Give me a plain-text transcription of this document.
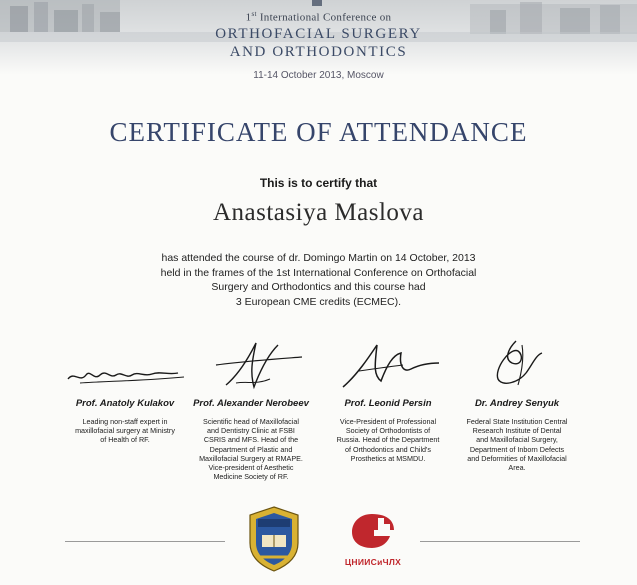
1st International Conference on
ORTHOFACIAL SURGERY
AND ORTHODONTICS
11-14 October 2013, Moscow
CERTIFICATE OF ATTENDANCE
This is to certify that
Anastasiya Maslova
has attended the course of dr. Domingo Martin on 14 October, 2013
held in the frames of the 1st International Conference on Orthofacial
Surgery and Orthodontics and this course had
3 European CME credits (ECMEC).
Prof. Anatoly Kulakov
Leading non-staff expert in
maxillofacial surgery at Ministry
of Health of RF.
Prof. Alexander Nerobeev
Scientific head of Maxillofacial
and Dentistry Clinic at FSBI
CSRIS and MFS. Head of the
Department of Plastic and
Maxillofacial Surgery at RMAPE.
Vice-president of Aesthetic
Medicine Society of RF.
Prof. Leonid Persin
Vice-President of Professional
Society of Orthodontists of
Russia. Head of the Department
of Orthodontics and Child's
Prosthetics at MSMDU.
Dr. Andrey Senyuk
Federal State Institution Central
Research Institute of Dental
and Maxillofacial Surgery,
Department of Inborn Defects
and Deformities of Maxillofacial
Area.
ЦНИИСиЧЛХ
